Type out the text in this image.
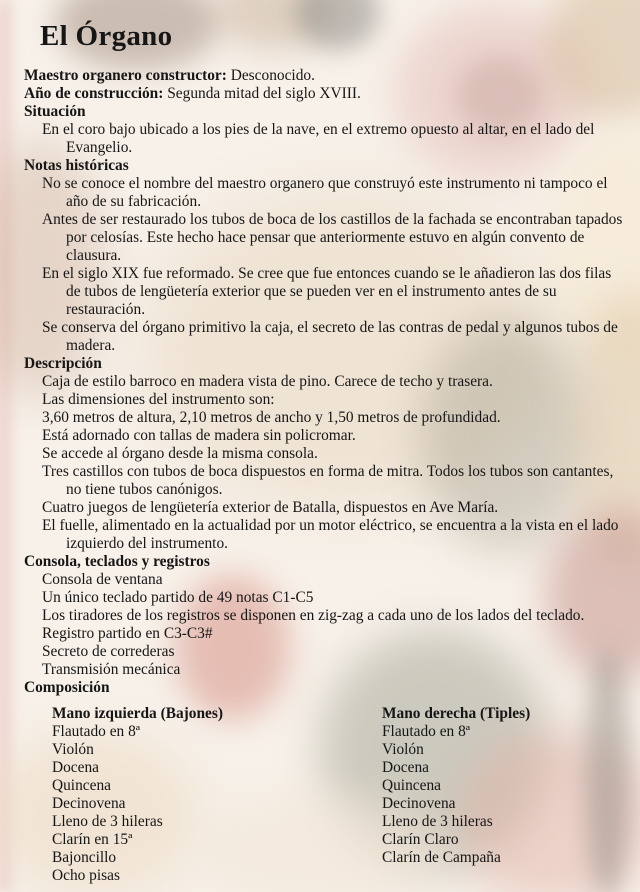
El Órgano

Maestro organero constructor: Desconocido.

Año de construcción: Segunda mitad del siglo XVIII.

Situación

En el coro bajo ubicado a los pies de la nave, en el extremo opuesto al altar, en el lado del Evangelio.

Notas históricas

No se conoce el nombre del maestro organero que construyó este instrumento ni tampoco el año de su fabricación.

Antes de ser restaurado los tubos de boca de los castillos de la fachada se encontraban tapados por celosías. Este hecho hace pensar que anteriormente estuvo en algún convento de clausura.

En el siglo XIX fue reformado. Se cree que fue entonces cuando se le añadieron las dos filas de tubos de lengüetería exterior que se pueden ver en el instrumento antes de su restauración.

Se conserva del órgano primitivo la caja, el secreto de las contras de pedal y algunos tubos de madera.

Descripción

Caja de estilo barroco en madera vista de pino. Carece de techo y trasera.

Las dimensiones del instrumento son:

3,60 metros de altura, 2,10 metros de ancho y 1,50 metros de profundidad.

Está adornado con tallas de madera sin policromar.

Se accede al órgano desde la misma consola.

Tres castillos con tubos de boca dispuestos en forma de mitra. Todos los tubos son cantantes, no tiene tubos canónigos.

Cuatro juegos de lengüetería exterior de Batalla, dispuestos en Ave María.

El fuelle, alimentado en la actualidad por un motor eléctrico, se encuentra a la vista en el lado izquierdo del instrumento.

Consola, teclados y registros

Consola de ventana

Un único teclado partido de 49 notas C1-C5

Los tiradores de los registros se disponen en zig-zag a cada uno de los lados del teclado.

Registro partido en C3-C3#

Secreto de correderas

Transmisión mecánica

Composición

Mano izquierda (Bajones)

Flautado en 8ª

Violón

Docena

Quincena

Decinovena

Lleno de 3 hileras

Clarín en 15ª

Bajoncillo

Ocho pisas

Mano derecha (Tiples)

Flautado en 8ª

Violón

Docena

Quincena

Decinovena

Lleno de 3 hileras

Clarín Claro

Clarín de Campaña
